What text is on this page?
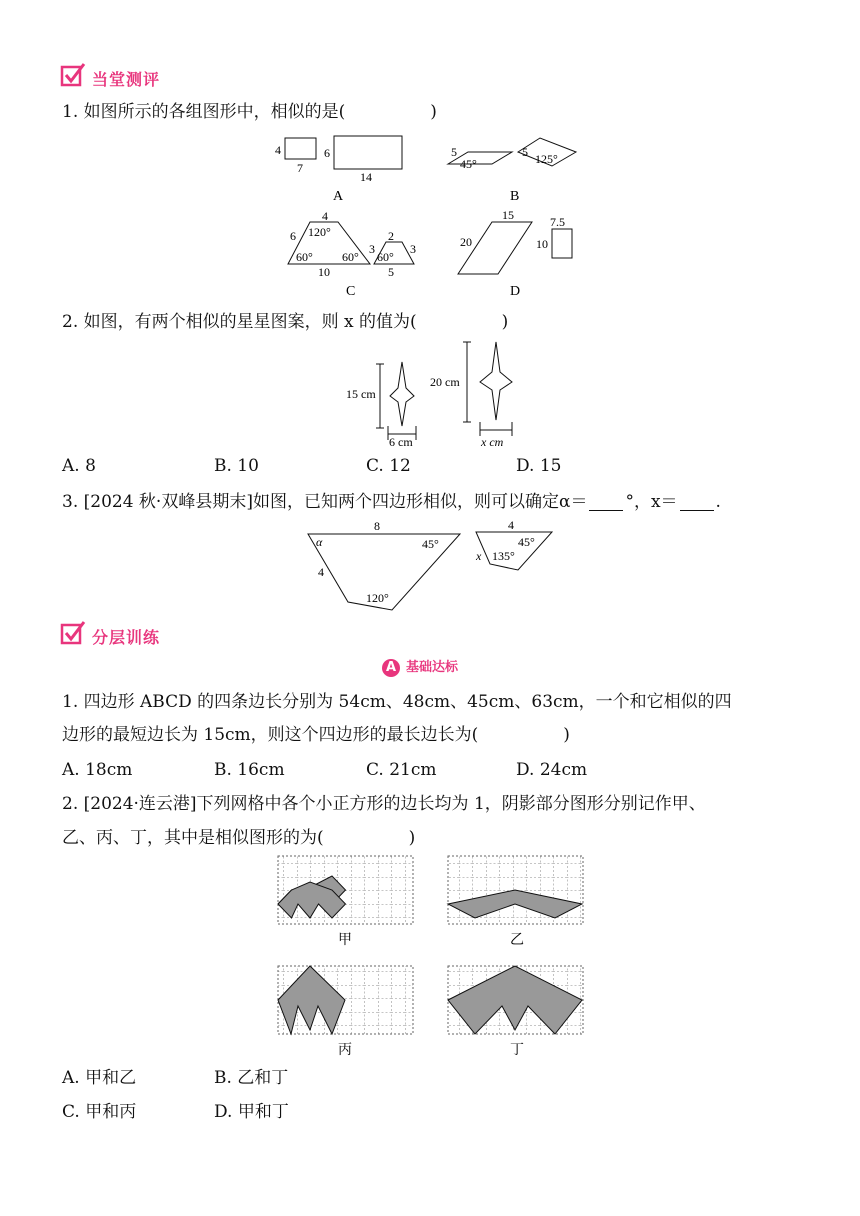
当堂测评
1. 如图所示的各组图形中，相似的是(　　　　　)
4
7
6
14
A
5
45°
5 125°
B
4
6 120°
60° 60°
10
2
3	3
60°
5
C
15
20
7.5
10
D
2. 如图，有两个相似的星星图案，则 x 的值为(　　　　　)
15 cm
6 cm
20 cm
x cm
A. 8	B. 10	C. 12	D. 15
3. [2024 秋·双峰县期末]如图，已知两个四边形相似，则可以确定α＝ °，x＝ .
8
α	45°
4
120°
4
45°
x 135°
分层训练
A 基础达标
1. 四边形 ABCD 的四条边长分别为 54cm、48cm、45cm、63cm，一个和它相似的四
边形的最短边长为 15cm，则这个四边形的最长边长为(　　　　　)
A. 18cm	B. 16cm	C. 21cm	D. 24cm
2. [2024·连云港]下列网格中各个小正方形的边长均为 1，阴影部分图形分别记作甲、
乙、丙、丁，其中是相似图形的为(　　　　　)
甲	乙
丙	丁
A. 甲和乙	B. 乙和丁
C. 甲和丙	D. 甲和丁
